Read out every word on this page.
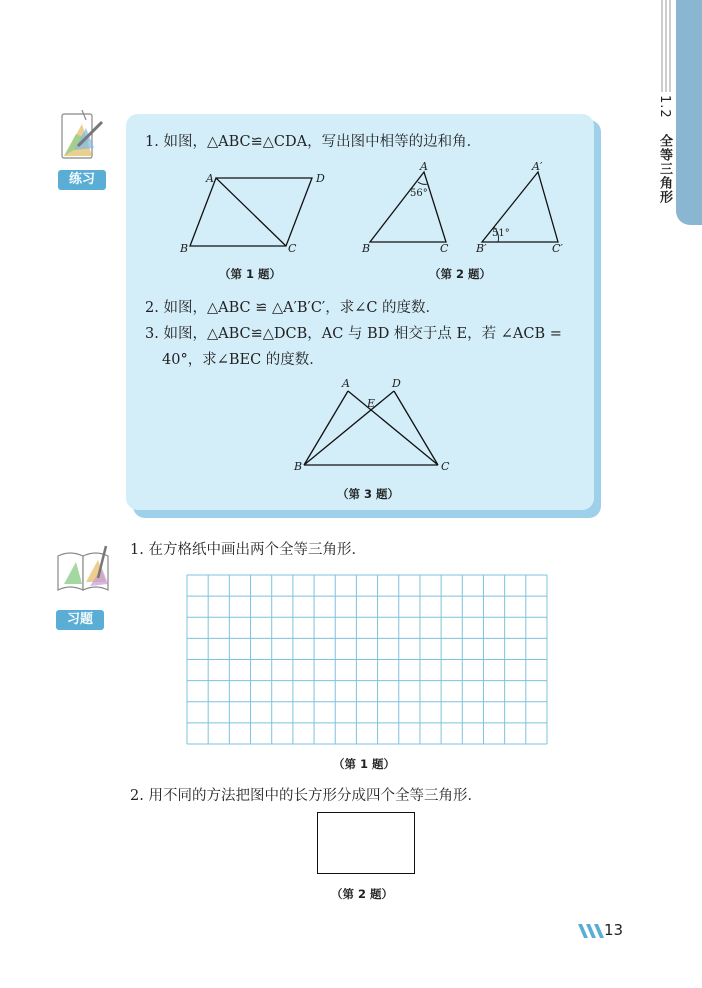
1.2 全等三角形
练习
1. 如图，△ABC≌△CDA，写出图中相等的边和角．
A	D
B	C
（第 1 题）
A
B	C
56°
A′
B′	C′
51°
（第 2 题）
2. 如图，△ABC ≌ △A′B′C′，求∠C 的度数．
3. 如图，△ABC≌△DCB，AC 与 BD 相交于点 E，若 ∠ACB =
40°，求∠BEC 的度数．
A	D
E
B	C
（第 3 题）
习题
1. 在方格纸中画出两个全等三角形．
（第 1 题）
2. 用不同的方法把图中的长方形分成四个全等三角形．
（第 2 题）
13
